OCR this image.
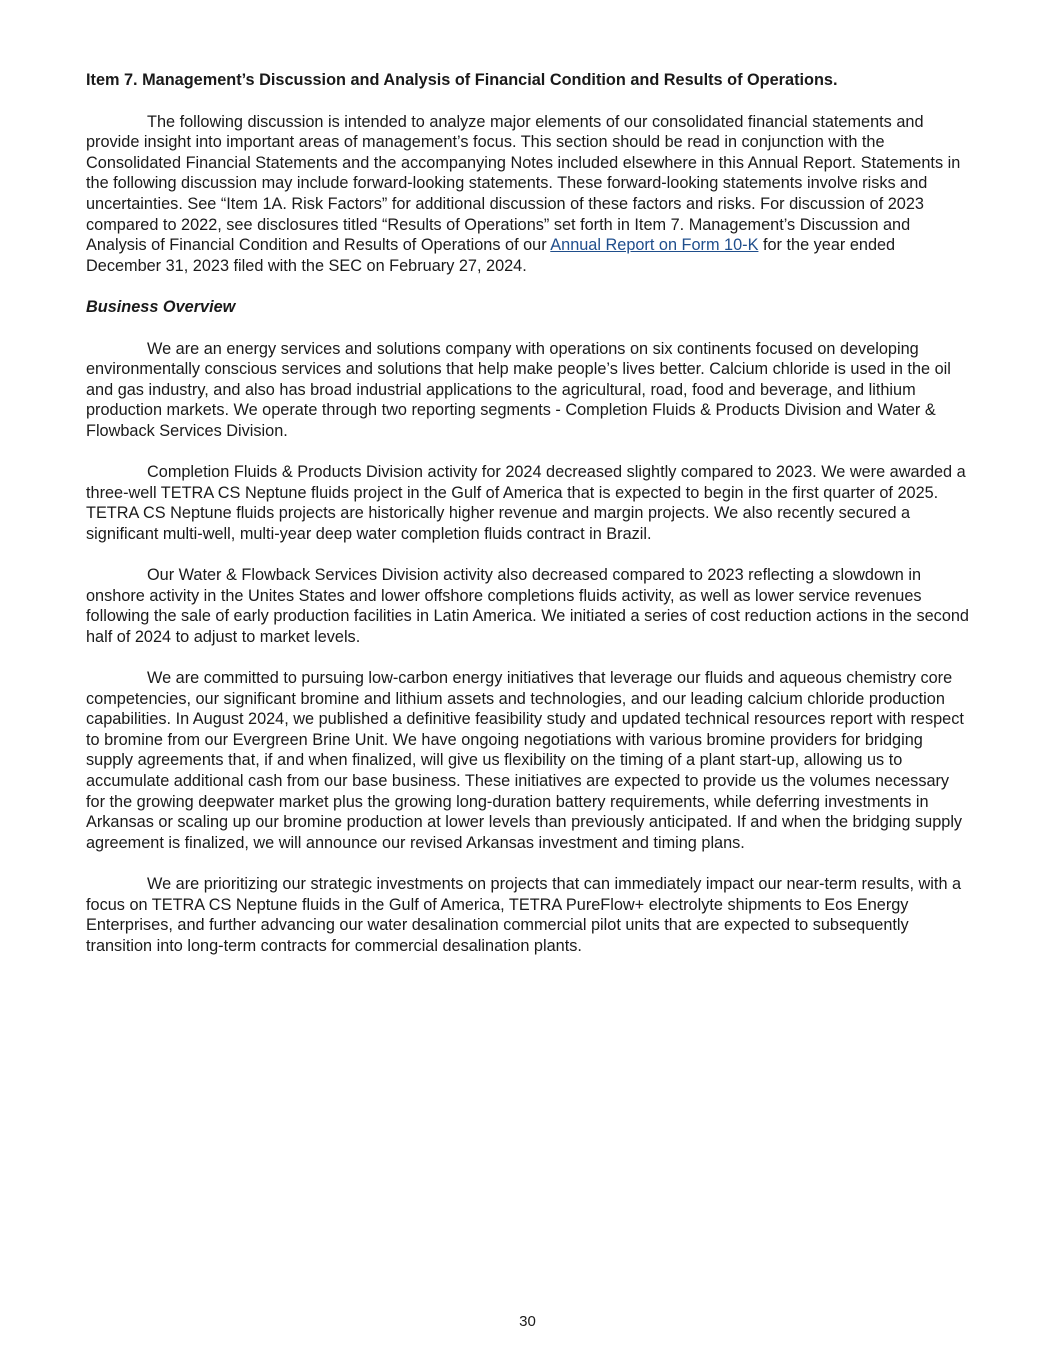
Item 7. Management’s Discussion and Analysis of Financial Condition and Results of Operations.

The following discussion is intended to analyze major elements of our consolidated financial statements and provide insight into important areas of management’s focus. This section should be read in conjunction with the Consolidated Financial Statements and the accompanying Notes included elsewhere in this Annual Report. Statements in the following discussion may include forward-looking statements. These forward-looking statements involve risks and uncertainties. See “Item 1A. Risk Factors” for additional discussion of these factors and risks. For discussion of 2023 compared to 2022, see disclosures titled “Results of Operations” set forth in Item 7. Management’s Discussion and Analysis of Financial Condition and Results of Operations of our Annual Report on Form 10-K for the year ended December 31, 2023 filed with the SEC on February 27, 2024.

Business Overview

We are an energy services and solutions company with operations on six continents focused on developing environmentally conscious services and solutions that help make people’s lives better. Calcium chloride is used in the oil and gas industry, and also has broad industrial applications to the agricultural, road, food and beverage, and lithium production markets. We operate through two reporting segments - Completion Fluids & Products Division and Water & Flowback Services Division.

Completion Fluids & Products Division activity for 2024 decreased slightly compared to 2023. We were awarded a three-well TETRA CS Neptune fluids project in the Gulf of America that is expected to begin in the first quarter of 2025. TETRA CS Neptune fluids projects are historically higher revenue and margin projects. We also recently secured a significant multi-well, multi-year deep water completion fluids contract in Brazil.

Our Water & Flowback Services Division activity also decreased compared to 2023 reflecting a slowdown in onshore activity in the Unites States and lower offshore completions fluids activity, as well as lower service revenues following the sale of early production facilities in Latin America. We initiated a series of cost reduction actions in the second half of 2024 to adjust to market levels.

We are committed to pursuing low-carbon energy initiatives that leverage our fluids and aqueous chemistry core competencies, our significant bromine and lithium assets and technologies, and our leading calcium chloride production capabilities. In August 2024, we published a definitive feasibility study and updated technical resources report with respect to bromine from our Evergreen Brine Unit. We have ongoing negotiations with various bromine providers for bridging supply agreements that, if and when finalized, will give us flexibility on the timing of a plant start-up, allowing us to accumulate additional cash from our base business. These initiatives are expected to provide us the volumes necessary for the growing deepwater market plus the growing long-duration battery requirements, while deferring investments in Arkansas or scaling up our bromine production at lower levels than previously anticipated. If and when the bridging supply agreement is finalized, we will announce our revised Arkansas investment and timing plans.

We are prioritizing our strategic investments on projects that can immediately impact our near-term results, with a focus on TETRA CS Neptune fluids in the Gulf of America, TETRA PureFlow+ electrolyte shipments to Eos Energy Enterprises, and further advancing our water desalination commercial pilot units that are expected to subsequently transition into long-term contracts for commercial desalination plants.

30
